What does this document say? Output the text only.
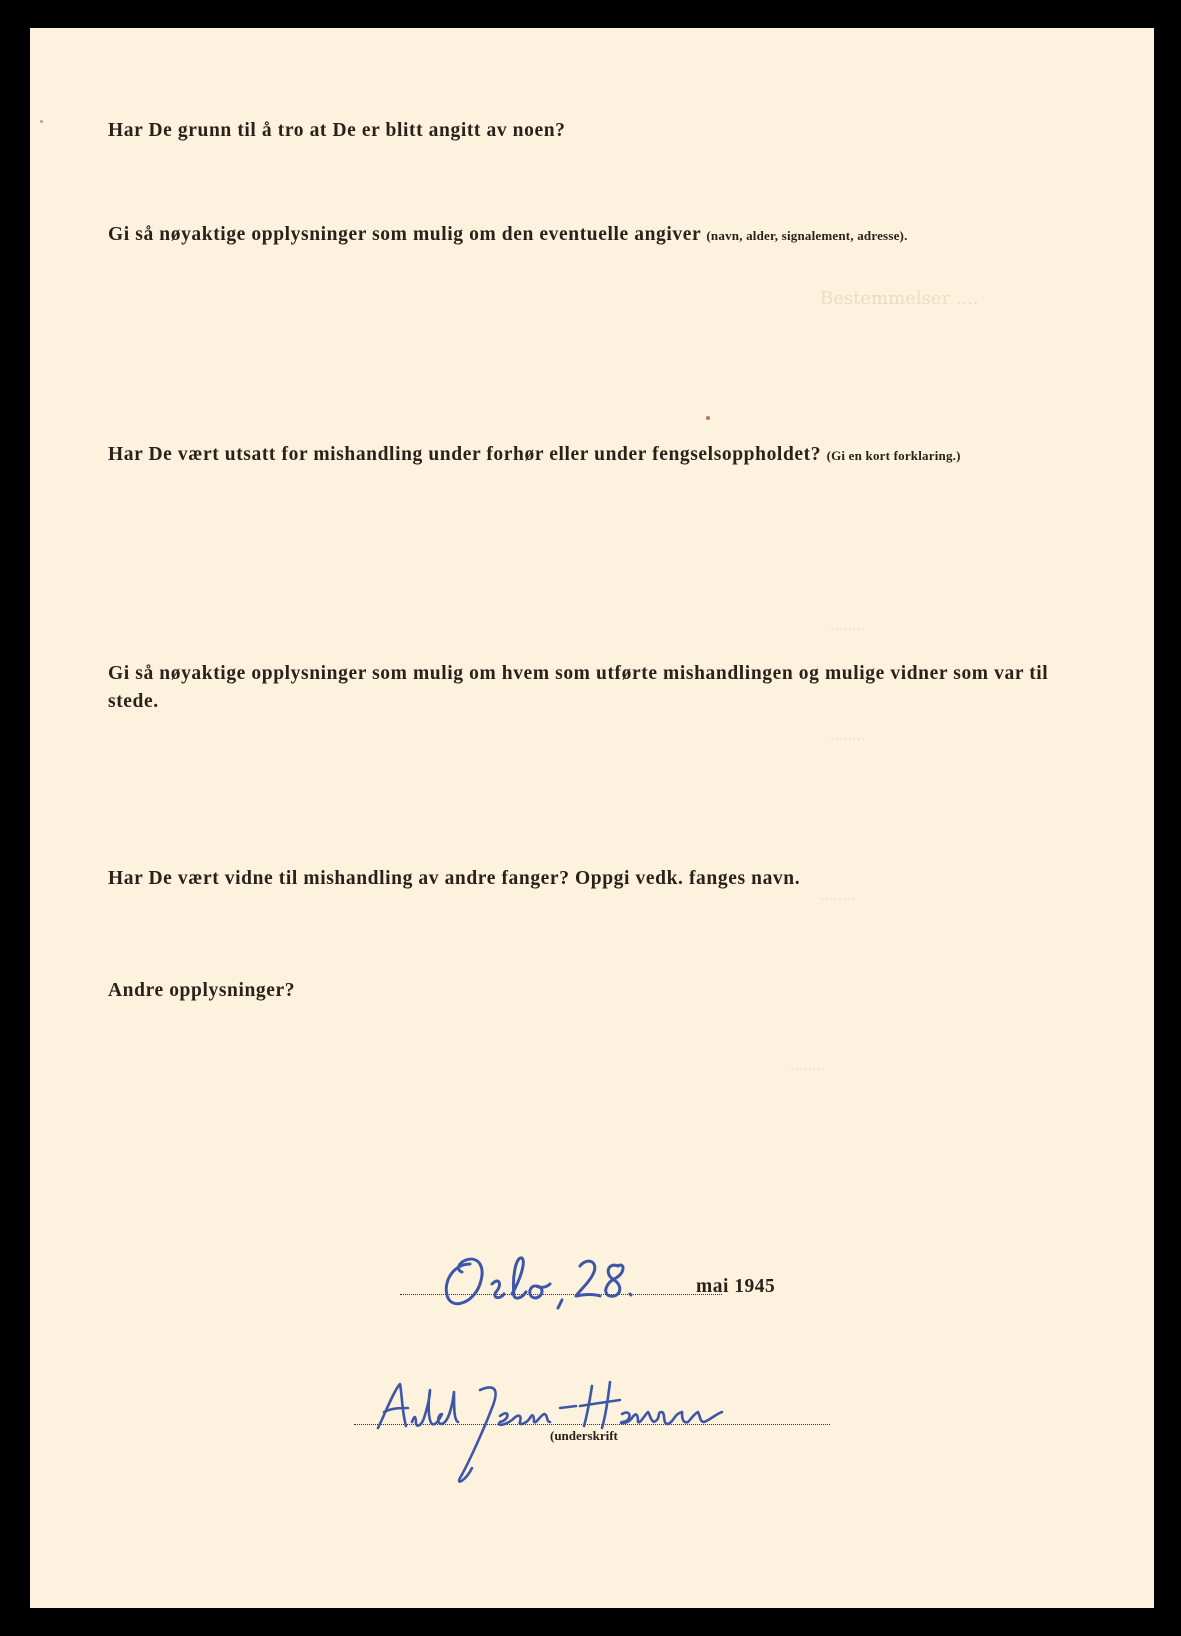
Bestemmelser ....
........
........
........
........
Har De grunn til å tro at De er blitt angitt av noen?
Gi så nøyaktige opplysninger som mulig om den eventuelle angiver (navn, alder, signalement, adresse).
Har De vært utsatt for mishandling under forhør eller under fengselsoppholdet? (Gi en kort forklaring.)
Gi så nøyaktige opplysninger som mulig om hvem som utførte mishandlingen og mulige vidner som var til stede.
Har De vært vidne til mishandling av andre fanger? Oppgi vedk. fanges navn.
Andre opplysninger?
Oslo 28.
mai 1945
Aild Jean-Hansen
(underskrift
